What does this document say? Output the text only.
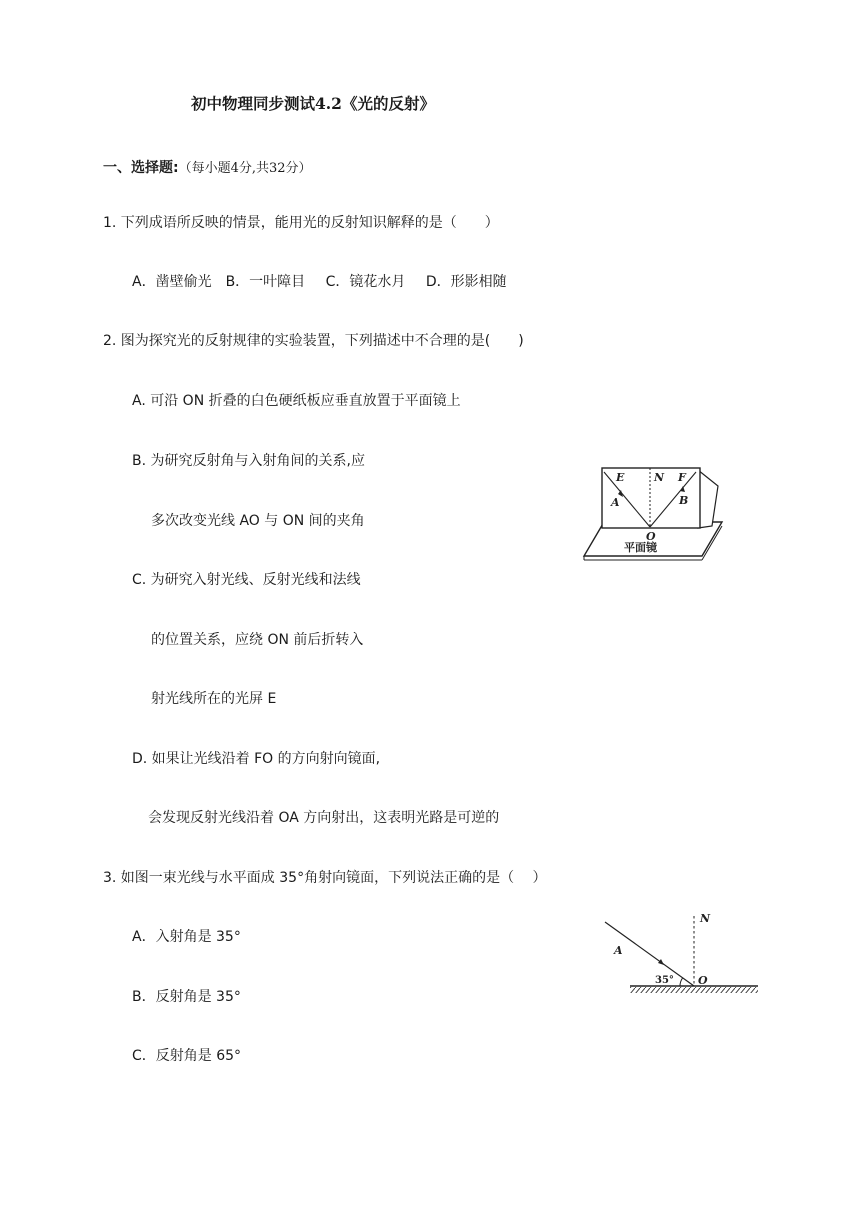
初中物理同步测试4.2《光的反射》
一、选择题:（每小题4分,共32分）
1. 下列成语所反映的情景，能用光的反射知识解释的是（　　）
A．凿壁偷光　B．一叶障目　 C．镜花水月　 D．形影相随
2. 图为探究光的反射规律的实验装置，下列描述中不合理的是(　　)
A. 可沿 ON 折叠的白色硬纸板应垂直放置于平面镜上
B. 为研究反射角与入射角间的关系,应
多次改变光线 AO 与 ON 间的夹角
C. 为研究入射光线、反射光线和法线
的位置关系，应绕 ON 前后折转入
射光线所在的光屏 E
D. 如果让光线沿着 FO 的方向射向镜面,
会发现反射光线沿着 OA 方向射出，这表明光路是可逆的
E	N F
A	B
O
平面镜
3. 如图一束光线与水平面成 35°角射向镜面，下列说法正确的是（　 ）
A．入射角是 35°
B．反射角是 35°
C．反射角是 65°
A
N
O
35°
